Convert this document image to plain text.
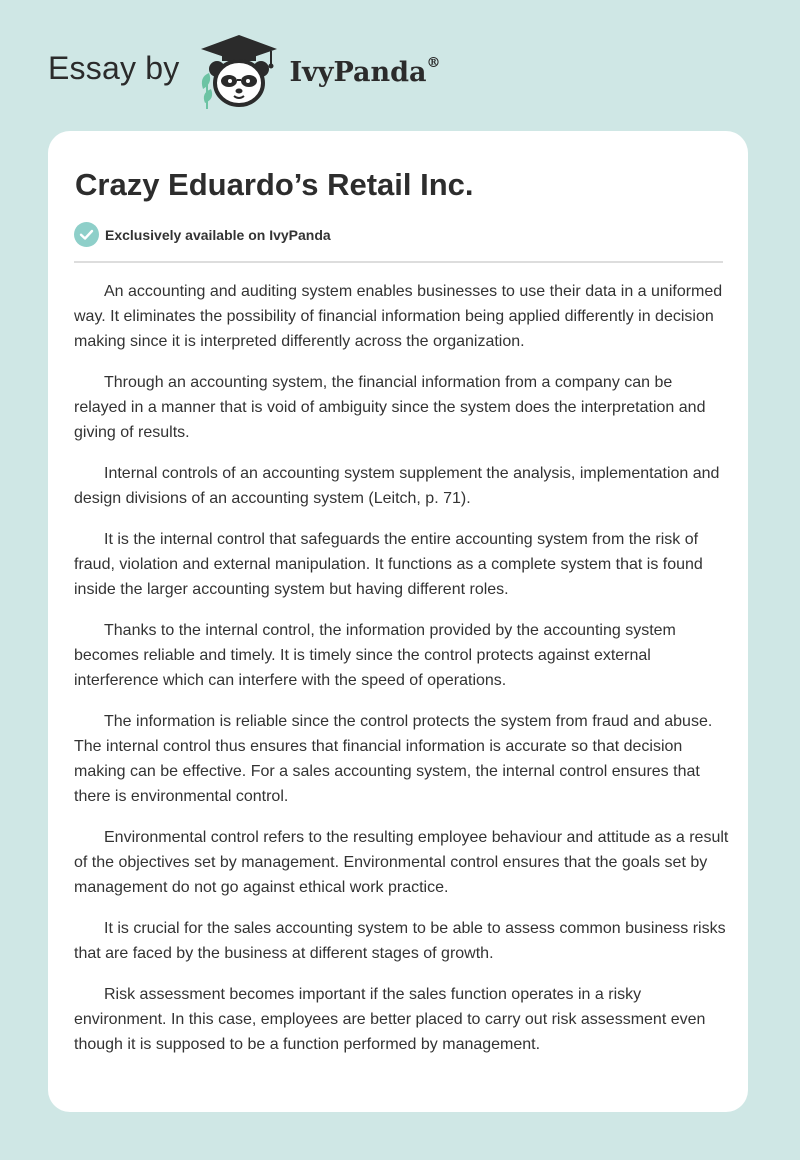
Essay by	IvyPanda®
Crazy Eduardo’s Retail Inc.
Exclusively available on IvyPanda

An accounting and auditing system enables businesses to use their data in a uniformed way. It eliminates the possibility of financial information being applied differently in decision making since it is interpreted differently across the organization.

Through an accounting system, the financial information from a company can be relayed in a manner that is void of ambiguity since the system does the interpretation and giving of results.

Internal controls of an accounting system supplement the analysis, implementation and design divisions of an accounting system (Leitch, p. 71).

It is the internal control that safeguards the entire accounting system from the risk of fraud, violation and external manipulation. It functions as a complete system that is found inside the larger accounting system but having different roles.

Thanks to the internal control, the information provided by the accounting system becomes reliable and timely. It is timely since the control protects against external interference which can interfere with the speed of operations.

The information is reliable since the control protects the system from fraud and abuse. The internal control thus ensures that financial information is accurate so that decision making can be effective. For a sales accounting system, the internal control ensures that there is environmental control.

Environmental control refers to the resulting employee behaviour and attitude as a result of the objectives set by management. Environmental control ensures that the goals set by management do not go against ethical work practice.

It is crucial for the sales accounting system to be able to assess common business risks that are faced by the business at different stages of growth.

Risk assessment becomes important if the sales function operates in a risky environment. In this case, employees are better placed to carry out risk assessment even though it is supposed to be a function performed by management.
